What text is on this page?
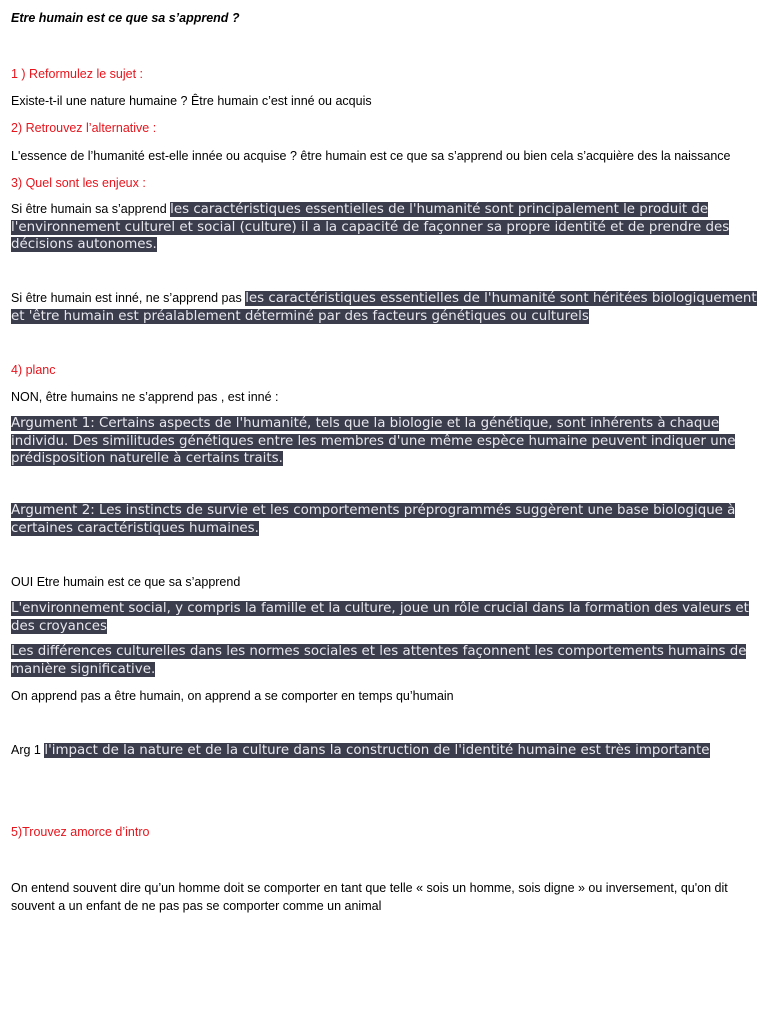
Etre humain est ce que sa s’apprend ?
1 ) Reformulez le sujet :
Existe-t-il une nature humaine ? Être humain c’est inné ou acquis
2) Retrouvez l’alternative :
L'essence de l’humanité est-elle innée ou acquise ? être humain est ce que sa s’apprend ou bien cela s’acquière des la naissance
3) Quel sont les enjeux :
Si être humain sa s’apprend les caractéristiques essentielles de l'humanité sont principalement le produit de l'environnement culturel et social (culture) il a la capacité de façonner sa propre identité et de prendre des décisions autonomes.
Si être humain est inné, ne s’apprend pas les caractéristiques essentielles de l'humanité sont héritées biologiquement et 'être humain est préalablement déterminé par des facteurs génétiques ou culturels
4) planc
NON, être humains ne s’apprend pas , est inné :
Argument 1: Certains aspects de l'humanité, tels que la biologie et la génétique, sont inhérents à chaque individu. Des similitudes génétiques entre les membres d'une même espèce humaine peuvent indiquer une prédisposition naturelle à certains traits.
Argument 2: Les instincts de survie et les comportements préprogrammés suggèrent une base biologique à certaines caractéristiques humaines.
OUI Etre humain est ce que sa s’apprend
L'environnement social, y compris la famille et la culture, joue un rôle crucial dans la formation des valeurs et des croyances
Les différences culturelles dans les normes sociales et les attentes façonnent les comportements humains de manière significative.
On apprend pas a être humain, on apprend a se comporter en temps qu’humain
Arg 1 l'impact de la nature et de la culture dans la construction de l'identité humaine est très importante
5)Trouvez amorce d’intro
On entend souvent dire qu’un homme doit se comporter en tant que telle « sois un homme, sois digne » ou inversement, qu'on dit souvent a un enfant de ne pas pas se comporter comme un animal
